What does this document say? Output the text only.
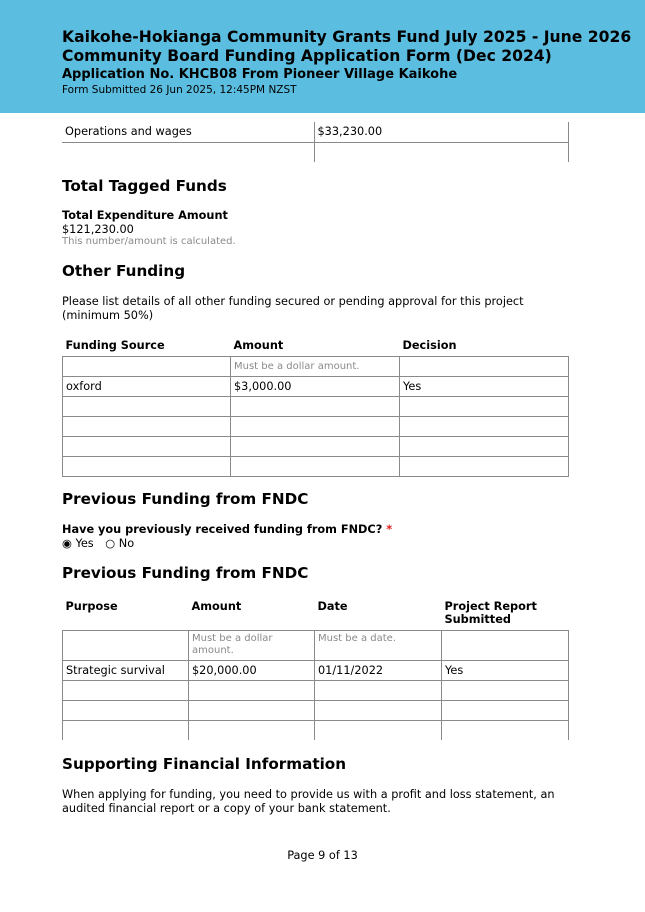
Kaikohe-Hokianga Community Grants Fund July 2025 - June 2026

Community Board Funding Application Form (Dec 2024)

Application No. KHCB08 From Pioneer Village Kaikohe

Form Submitted 26 Jun 2025, 12:45PM NZST

Operations and wages	$33,230.00

Total Tagged Funds
Total Expenditure Amount
$121,230.00
This number/amount is calculated.
Other Funding
Please list details of all other funding secured or pending approval for this project (minimum 50%)
Funding Source	Amount	Decision
	Must be a dollar amount.	
oxford	$3,000.00	Yes

Previous Funding from FNDC
Have you previously received funding from FNDC? *
◉ Yes ○ No
Previous Funding from FNDC
Purpose	Amount	Date	Project Report Submitted
	Must be a dollar amount.	Must be a date.	
Strategic survival	$20,000.00	01/11/2022	Yes

Supporting Financial Information
When applying for funding, you need to provide us with a profit and loss statement, an audited financial report or a copy of your bank statement.
Page 9 of 13
